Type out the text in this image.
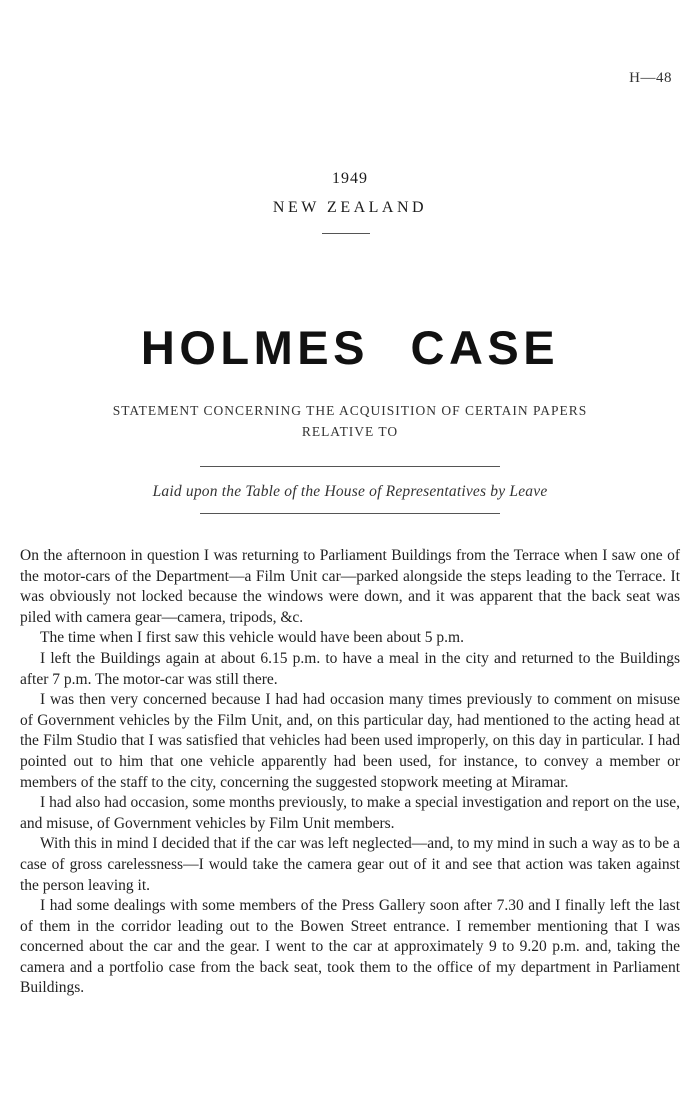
H—48
1949
NEW ZEALAND
HOLMES CASE
STATEMENT CONCERNING THE ACQUISITION OF CERTAIN PAPERS
RELATIVE TO
Laid upon the Table of the House of Representatives by Leave

On the afternoon in question I was returning to Parliament Buildings from the Terrace when I saw one of the motor-cars of the Department—a Film Unit car—parked alongside the steps leading to the Terrace. It was obviously not locked because the windows were down, and it was apparent that the back seat was piled with camera gear—camera, tripods, &c.

The time when I first saw this vehicle would have been about 5 p.m.

I left the Buildings again at about 6.15 p.m. to have a meal in the city and returned to the Buildings after 7 p.m. The motor-car was still there.

I was then very concerned because I had had occasion many times previously to comment on misuse of Government vehicles by the Film Unit, and, on this particular day, had mentioned to the acting head at the Film Studio that I was satisfied that vehicles had been used improperly, on this day in particular. I had pointed out to him that one vehicle apparently had been used, for instance, to convey a member or members of the staff to the city, concerning the suggested stopwork meeting at Miramar.

I had also had occasion, some months previously, to make a special investigation and report on the use, and misuse, of Government vehicles by Film Unit members.

With this in mind I decided that if the car was left neglected—and, to my mind in such a way as to be a case of gross carelessness—I would take the camera gear out of it and see that action was taken against the person leaving it.

I had some dealings with some members of the Press Gallery soon after 7.30 and I finally left the last of them in the corridor leading out to the Bowen Street entrance. I remember mentioning that I was concerned about the car and the gear. I went to the car at approximately 9 to 9.20 p.m. and, taking the camera and a portfolio case from the back seat, took them to the office of my department in Parliament Buildings.
